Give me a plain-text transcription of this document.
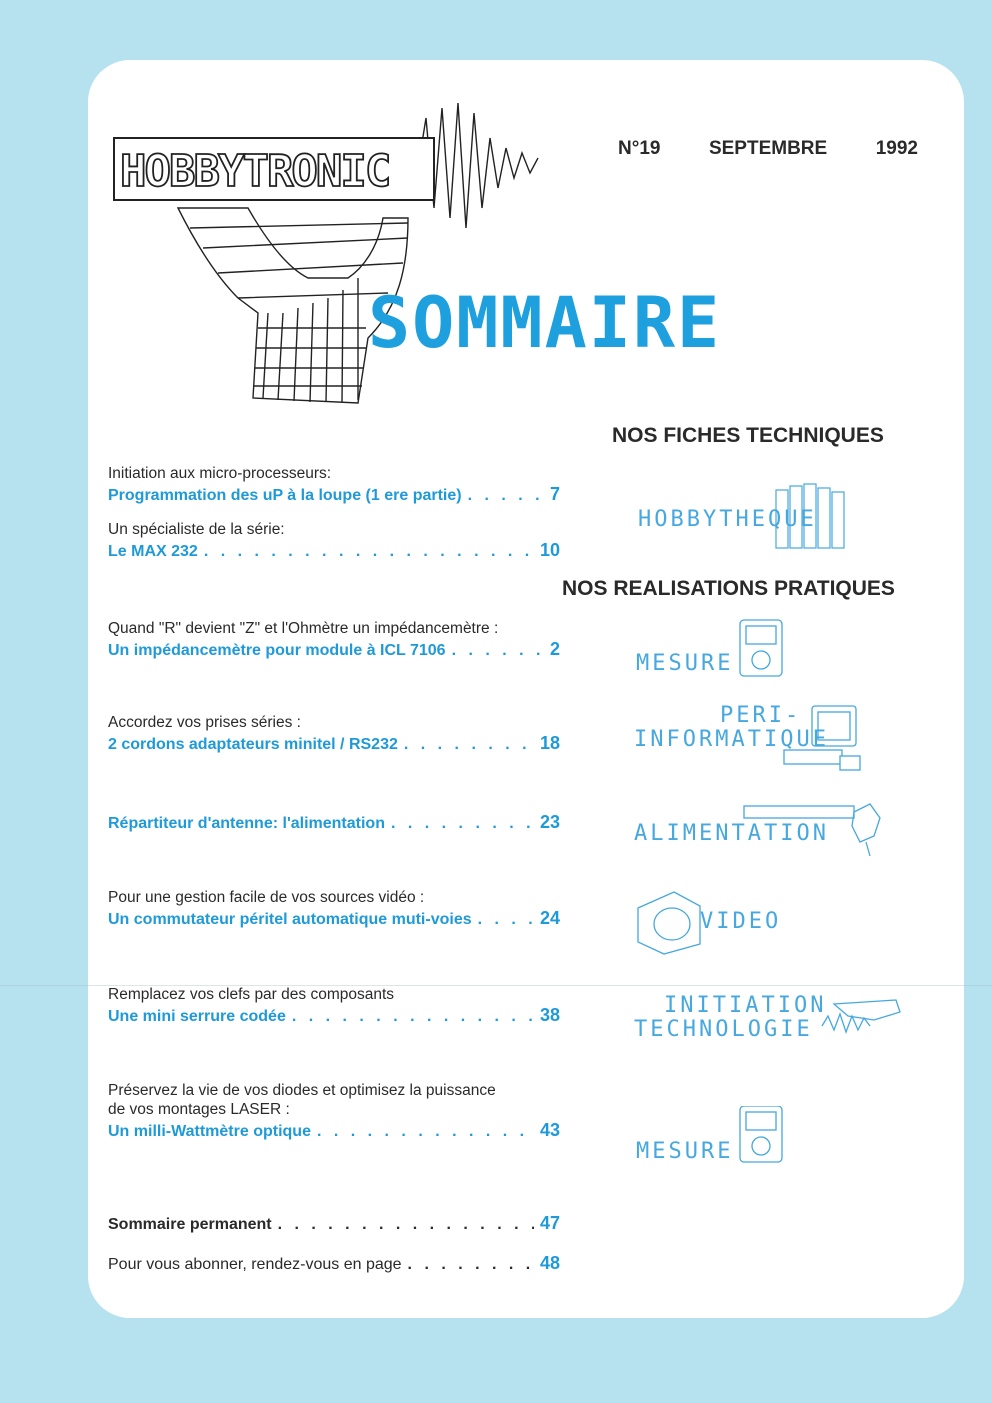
HOBBYTRONIC	N°19	SEPTEMBRE	1992
SOMMAIRE
NOS FICHES TECHNIQUES
NOS REALISATIONS PRATIQUES
Initiation aux micro-processeurs:
Programmation des uP à la loupe (1 ere partie) . . .	7
Un spécialiste de la série:
Le MAX 232 . . .	10
Quand "R" devient "Z" et l'Ohmètre un impédancemètre :
Un impédancemètre pour module à ICL 7106 . . .	2
Accordez vos prises séries :
2 cordons adaptateurs minitel / RS232 . . .	18
Répartiteur d'antenne: l'alimentation . . .	23
Pour une gestion facile de vos sources vidéo :
Un commutateur péritel automatique muti-voies . . .	24
Remplacez vos clefs par des composants
Une mini serrure codée . . .	38
Préservez la vie de vos diodes et optimisez la puissance
de vos montages LASER :
Un milli-Wattmètre optique . . .	43
Sommaire permanent . . .	47
Pour vous abonner, rendez-vous en page . . .	48
HOBBYTHEQUE
MESURE
PERI-
INFORMATIQUE
ALIMENTATION
VIDEO
INITIATION
TECHNOLOGIE
MESURE
